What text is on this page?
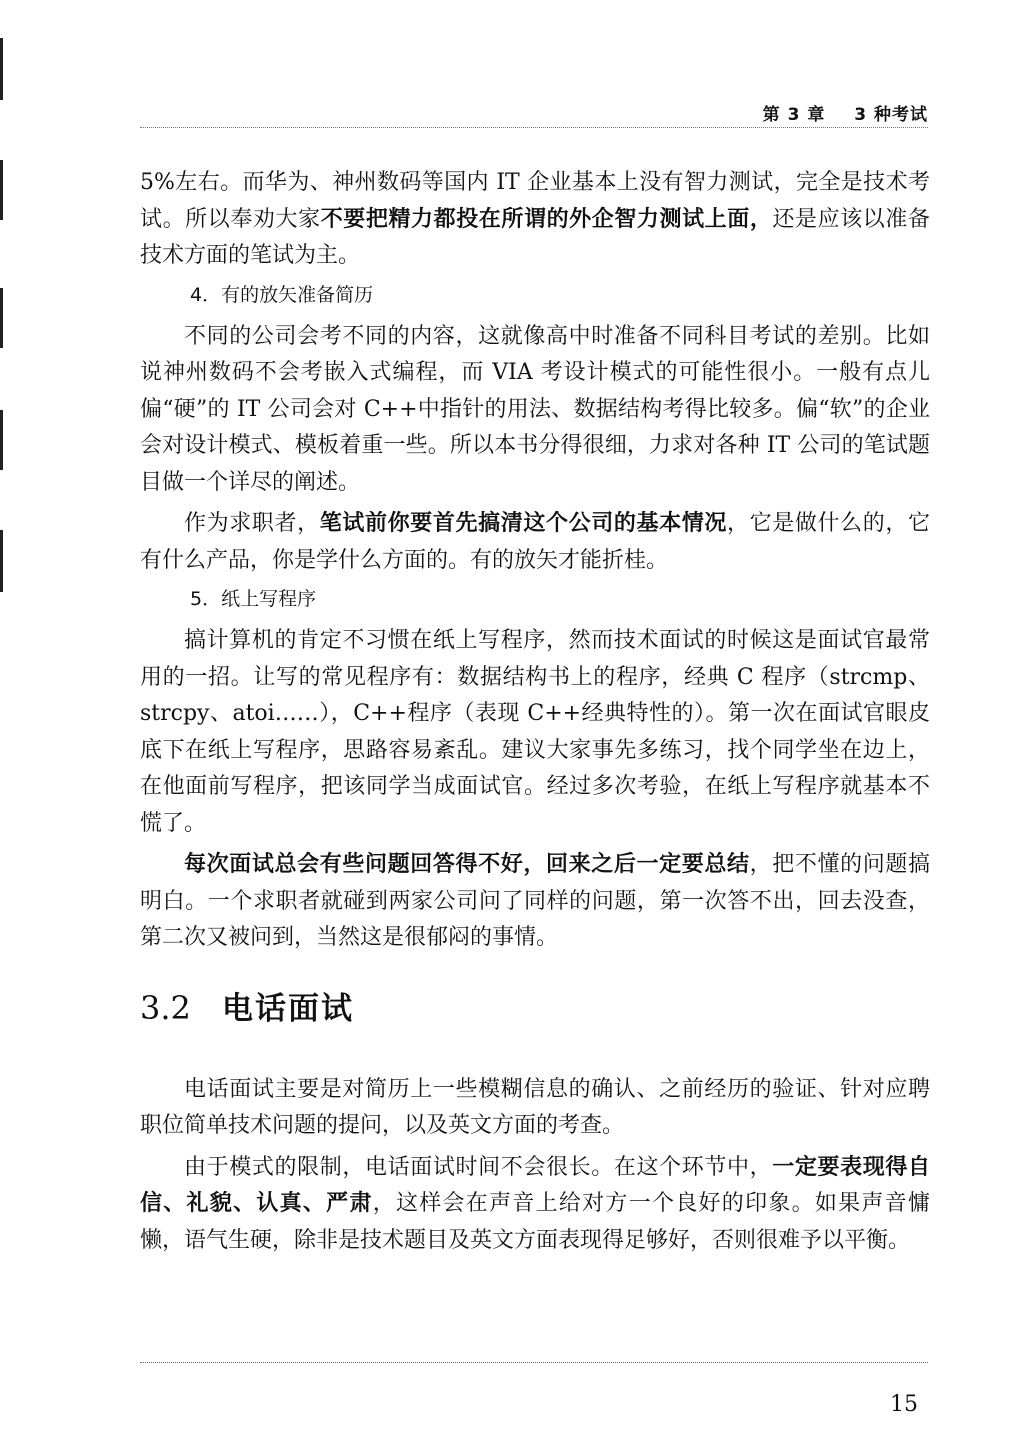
第 3 章 3 种考试

5%左右。而华为、神州数码等国内 IT 企业基本上没有智力测试，完全是技术考试。所以奉劝大家不要把精力都投在所谓的外企智力测试上面，还是应该以准备技术方面的笔试为主。

4．有的放矢准备简历

不同的公司会考不同的内容，这就像高中时准备不同科目考试的差别。比如说神州数码不会考嵌入式编程，而 VIA 考设计模式的可能性很小。一般有点儿偏“硬”的 IT 公司会对 C++中指针的用法、数据结构考得比较多。偏“软”的企业会对设计模式、模板着重一些。所以本书分得很细，力求对各种 IT 公司的笔试题目做一个详尽的阐述。

作为求职者，笔试前你要首先搞清这个公司的基本情况，它是做什么的，它有什么产品，你是学什么方面的。有的放矢才能折桂。

5．纸上写程序

搞计算机的肯定不习惯在纸上写程序，然而技术面试的时候这是面试官最常用的一招。让写的常见程序有：数据结构书上的程序，经典 C 程序（strcmp、strcpy、atoi……），C++程序（表现 C++经典特性的）。第一次在面试官眼皮底下在纸上写程序，思路容易紊乱。建议大家事先多练习，找个同学坐在边上，在他面前写程序，把该同学当成面试官。经过多次考验，在纸上写程序就基本不慌了。

每次面试总会有些问题回答得不好，回来之后一定要总结，把不懂的问题搞明白。一个求职者就碰到两家公司问了同样的问题，第一次答不出，回去没查，第二次又被问到，当然这是很郁闷的事情。

3.2	电话面试

电话面试主要是对简历上一些模糊信息的确认、之前经历的验证、针对应聘职位简单技术问题的提问，以及英文方面的考查。

由于模式的限制，电话面试时间不会很长。在这个环节中，一定要表现得自信、礼貌、认真、严肃，这样会在声音上给对方一个良好的印象。如果声音慵懒，语气生硬，除非是技术题目及英文方面表现得足够好，否则很难予以平衡。

15
